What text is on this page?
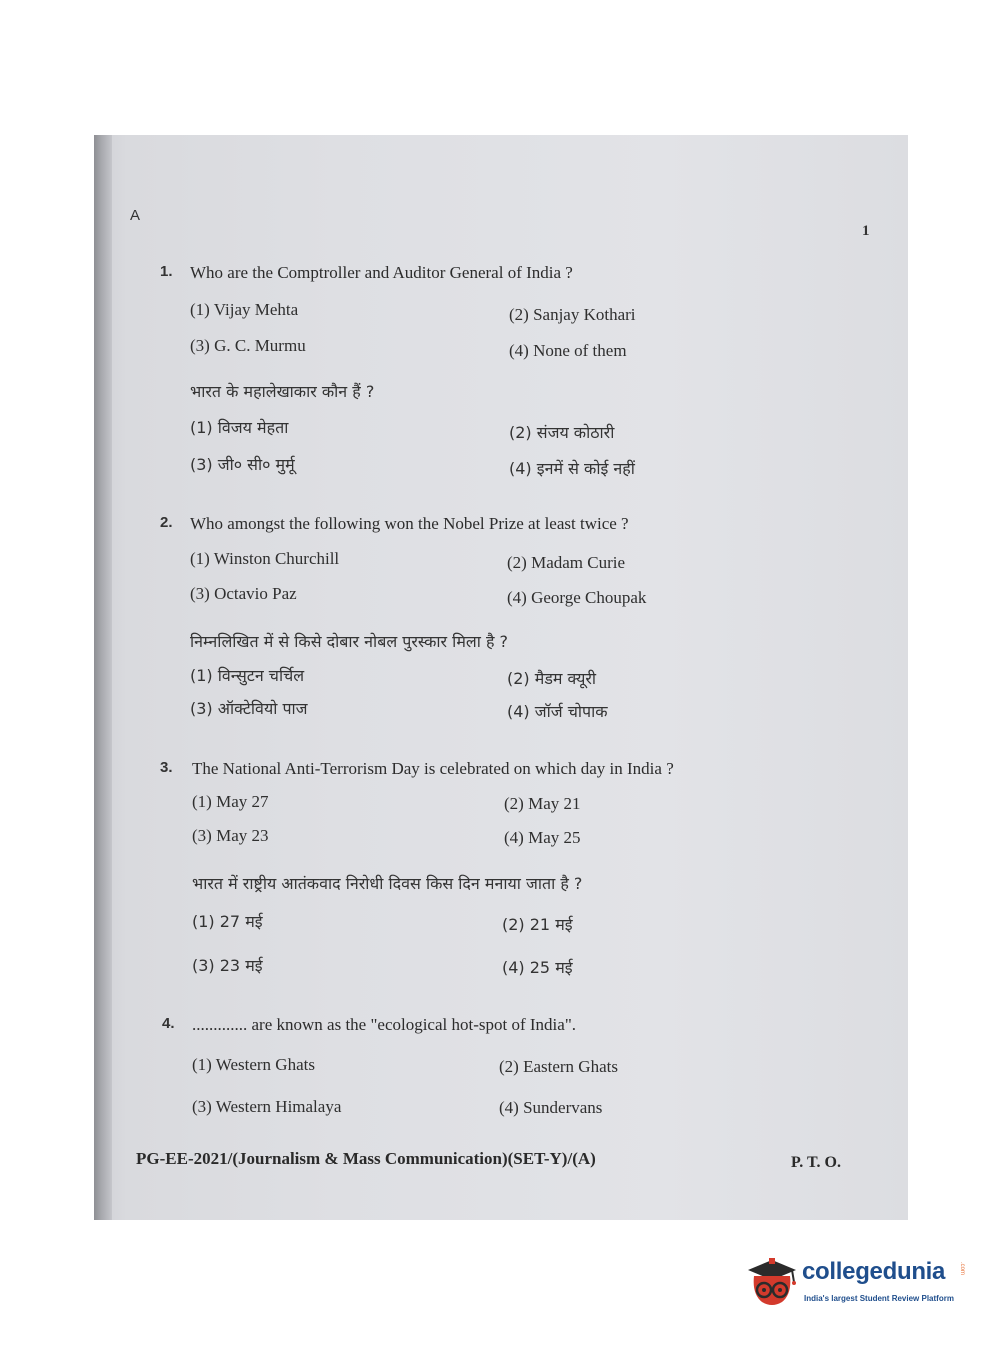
A
1
1. Who are the Comptroller and Auditor General of India ?
(1) Vijay Mehta	(2) Sanjay Kothari
(3) G. C. Murmu	(4) None of them
भारत के महालेखाकार कौन हैं ?
(1) विजय मेहता	(2) संजय कोठारी
(3) जी० सी० मुर्मू	(4) इनमें से कोई नहीं
2. Who amongst the following won the Nobel Prize at least twice ?
(1) Winston Churchill	(2) Madam Curie
(3) Octavio Paz	(4) George Choupak
निम्नलिखित में से किसे दोबार नोबल पुरस्कार मिला है ?
(1) विन्सुटन चर्चिल	(2) मैडम क्यूरी
(3) ऑक्टेवियो पाज	(4) जॉर्ज चोपाक
3. The National Anti-Terrorism Day is celebrated on which day in India ?
(1) May 27	(2) May 21
(3) May 23	(4) May 25
भारत में राष्ट्रीय आतंकवाद निरोधी दिवस किस दिन मनाया जाता है ?
(1) 27 मई	(2) 21 मई
(3) 23 मई	(4) 25 मई
4. ............. are known as the "ecological hot-spot of India".
(1) Western Ghats	(2) Eastern Ghats
(3) Western Himalaya	(4) Sundervans
PG-EE-2021/(Journalism & Mass Communication)(SET-Y)/(A)	P. T. O.
collegedunia .com
India's largest Student Review Platform
